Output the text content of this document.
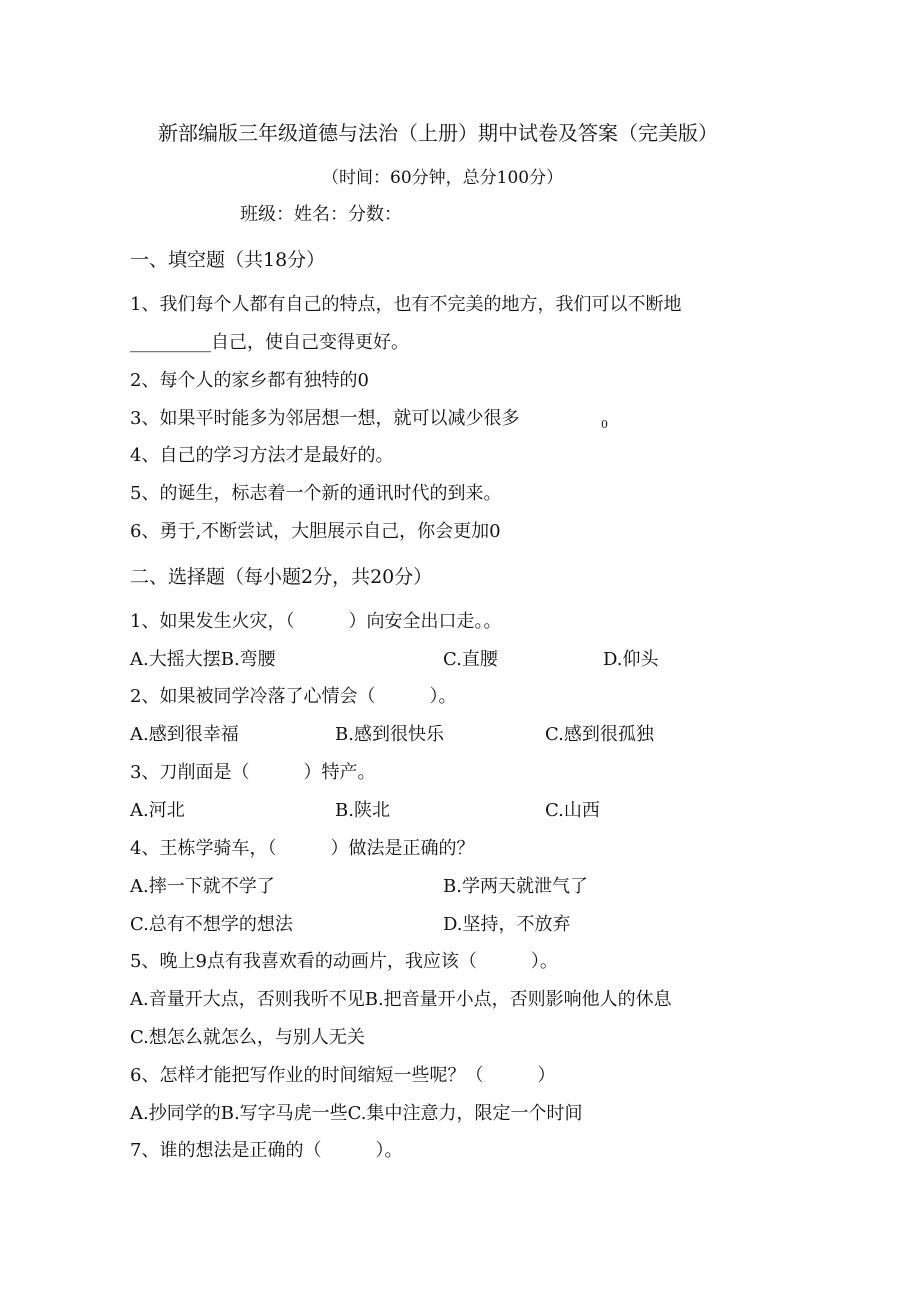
新部编版三年级道德与法治（上册）期中试卷及答案（完美版）
（时间：60分钟，总分100分）
班级：姓名：分数：
一、填空题（共18分）
1、我们每个人都有自己的特点，也有不完美的地方，我们可以不断地
_________自己，使自己变得更好。
2、每个人的家乡都有独特的0
3、如果平时能多为邻居想一想，就可以减少很多	0
4、自己的学习方法才是最好的。
5、的诞生，标志着一个新的通讯时代的到来。
6、勇于,不断尝试，大胆展示自己，你会更加0
二、选择题（每小题2分，共20分）
1、如果发生火灾，（　　　）向安全出口走。。
A.大摇大摆B.弯腰	C.直腰	D.仰头
2、如果被同学冷落了心情会（　　　）。
A.感到很幸福	B.感到很快乐	C.感到很孤独
3、刀削面是（　　　）特产。
A.河北	B.陕北	C.山西
4、王栋学骑车，（　　　）做法是正确的？
A.摔一下就不学了	B.学两天就泄气了
C.总有不想学的想法	D.坚持，不放弃
5、晚上9点有我喜欢看的动画片，我应该（　　　）。
A.音量开大点，否则我听不见B.把音量开小点，否则影响他人的休息
C.想怎么就怎么，与别人无关
6、怎样才能把写作业的时间缩短一些呢？（　　　）
A.抄同学的B.写字马虎一些C.集中注意力，限定一个时间
7、谁的想法是正确的（　　　）。
